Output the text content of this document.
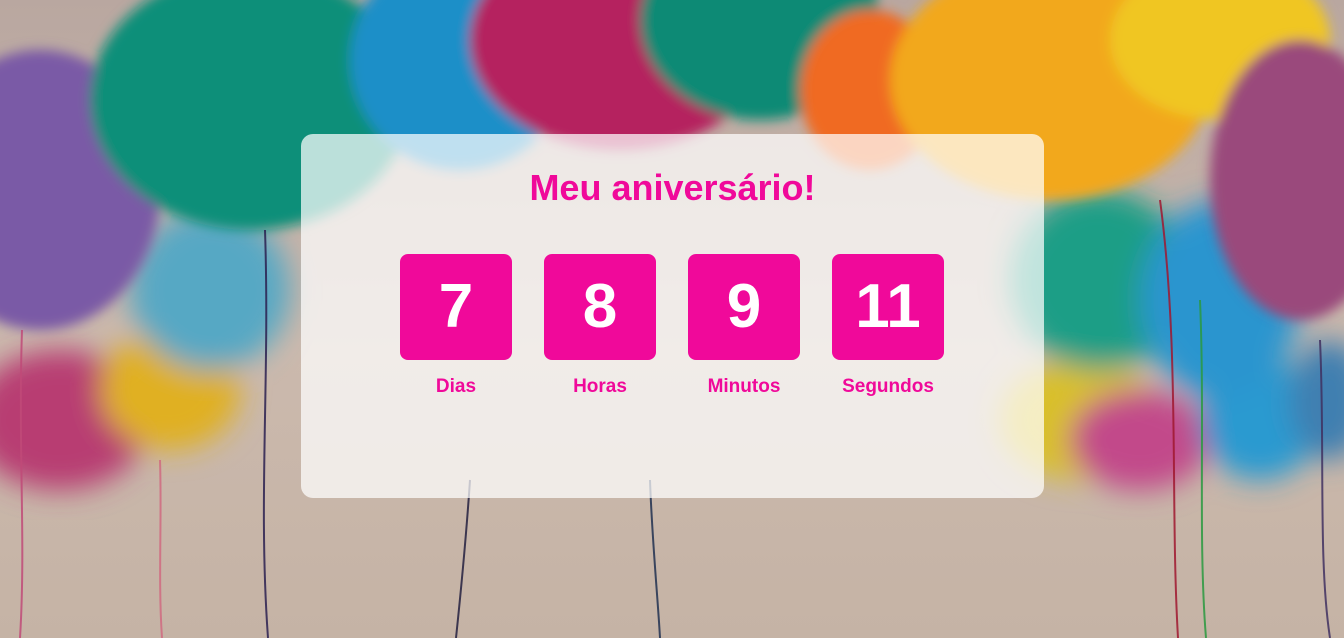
Meu aniversário!
7
Dias
8
Horas
9
Minutos
11
Segundos
